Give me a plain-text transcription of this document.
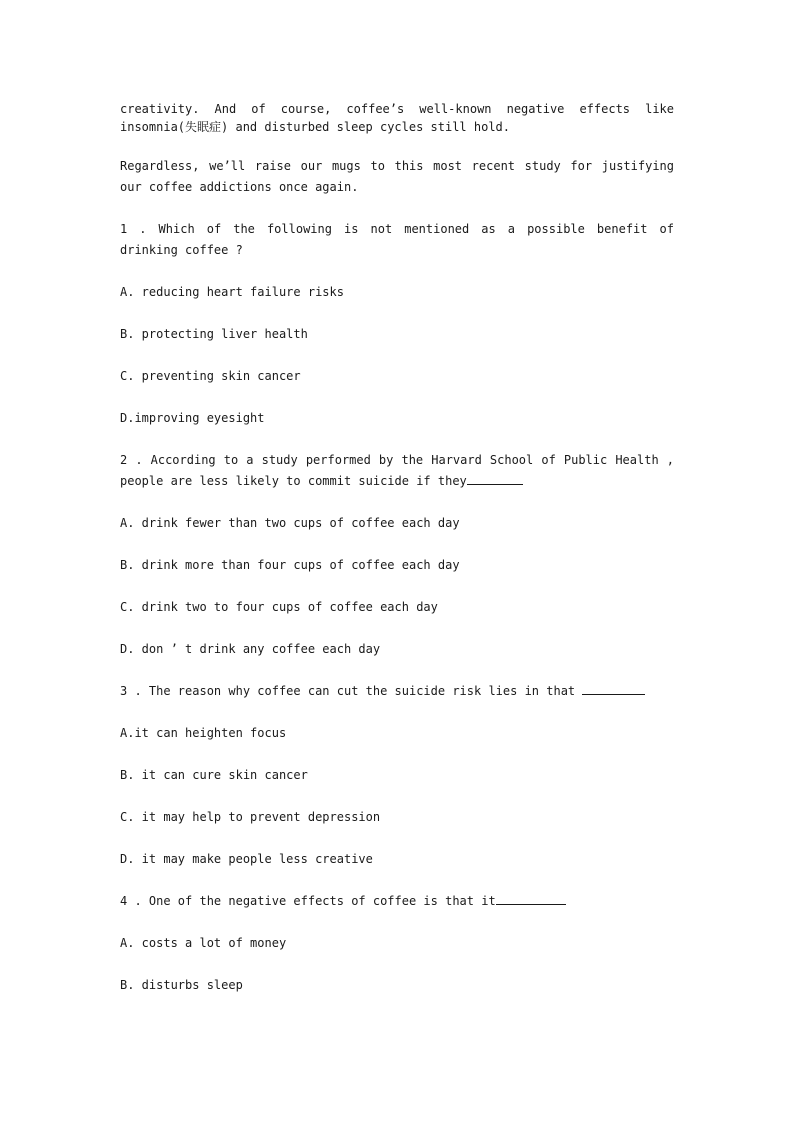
creativity. And of course, coffee’s well-known negative effects like insomnia(失眠症) and disturbed sleep cycles still hold.

Regardless, we’ll raise our mugs to this most recent study for justifying our coffee addictions once again.

1 . Which of the following is not mentioned as a possible benefit of drinking coffee ?

A. reducing heart failure risks

B. protecting liver health

C. preventing skin cancer

D.improving eyesight

2 . According to a study performed by the Harvard School of Public Health , people are less likely to commit suicide if they

A. drink fewer than two cups of coffee each day

B. drink more than four cups of coffee each day

C. drink two to four cups of coffee each day

D. don ’ t drink any coffee each day

3 . The reason why coffee can cut the suicide risk lies in that

A.it can heighten focus

B. it can cure skin cancer

C. it may help to prevent depression

D. it may make people less creative

4 . One of the negative effects of coffee is that it

A. costs a lot of money

B. disturbs sleep
